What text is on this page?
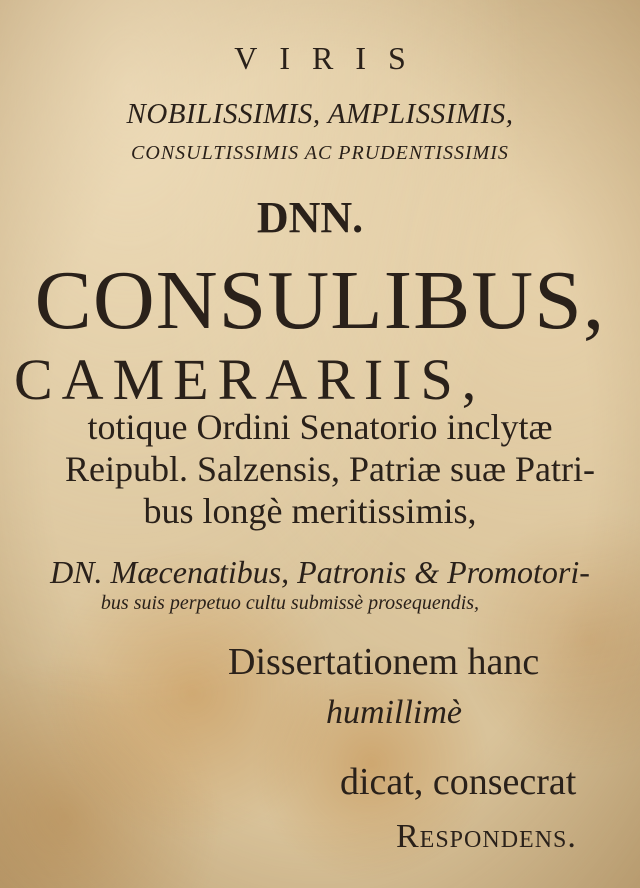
VIRIS
NOBILISSIMIS, AMPLISSIMIS,
CONSULTISSIMIS AC PRUDENTISSIMIS
DNN.
CONSULIBUS,
CAMERARIIS,
totique Ordini Senatorio inclytæ
Reipubl. Salzensis, Patriæ suæ Patri-
bus longè meritissimis,
DN. Mæcenatibus, Patronis & Promotori-
bus suis perpetuo cultu submissè prosequendis,
Dissertationem hanc
humillimè
dicat, consecrat
Respondens.
